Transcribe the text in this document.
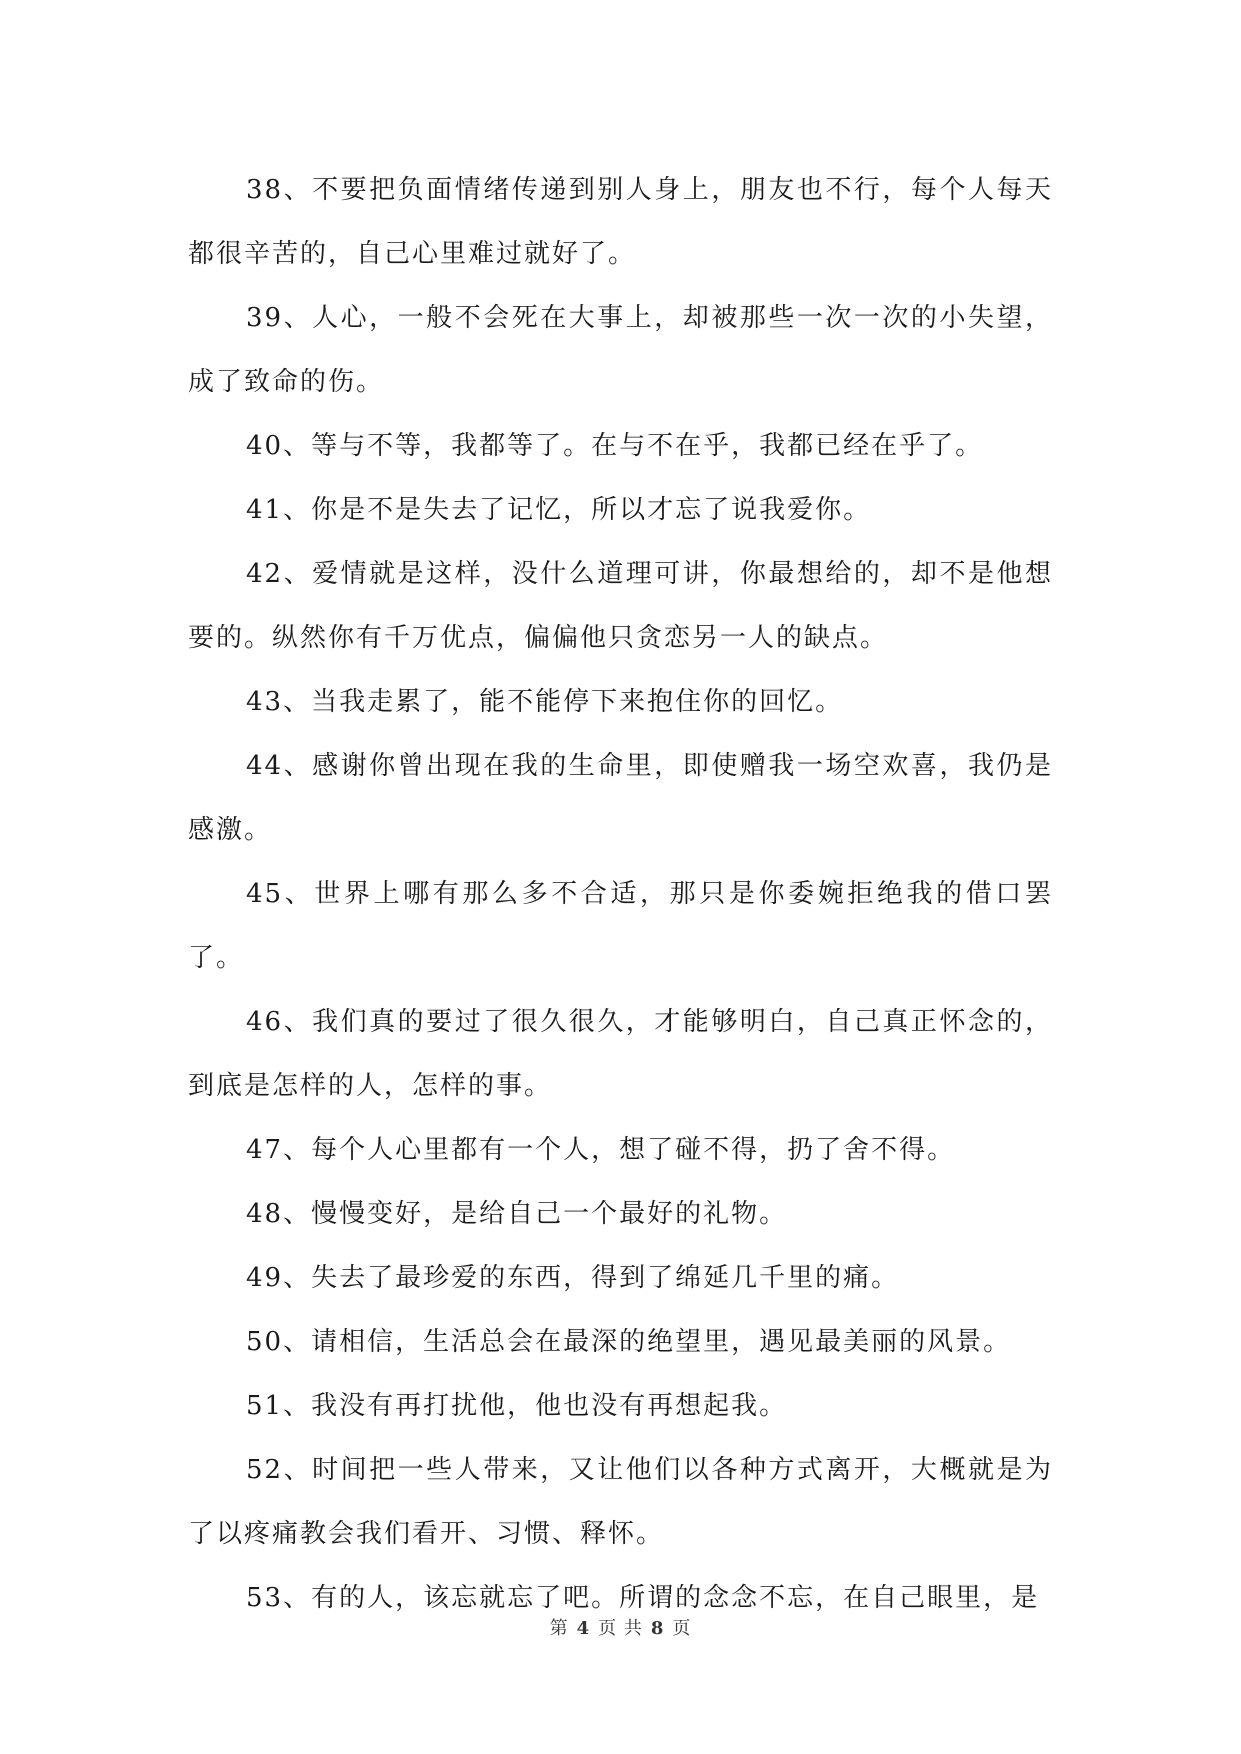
38、不要把负面情绪传递到别人身上，朋友也不行，每个人每天都很辛苦的，自己心里难过就好了。

39、人心，一般不会死在大事上，却被那些一次一次的小失望，成了致命的伤。

40、等与不等，我都等了。在与不在乎，我都已经在乎了。

41、你是不是失去了记忆，所以才忘了说我爱你。

42、爱情就是这样，没什么道理可讲，你最想给的，却不是他想要的。纵然你有千万优点，偏偏他只贪恋另一人的缺点。

43、当我走累了，能不能停下来抱住你的回忆。

44、感谢你曾出现在我的生命里，即使赠我一场空欢喜，我仍是感激。

45、世界上哪有那么多不合适，那只是你委婉拒绝我的借口罢了。

46、我们真的要过了很久很久，才能够明白，自己真正怀念的，到底是怎样的人，怎样的事。

47、每个人心里都有一个人，想了碰不得，扔了舍不得。

48、慢慢变好，是给自己一个最好的礼物。

49、失去了最珍爱的东西，得到了绵延几千里的痛。

50、请相信，生活总会在最深的绝望里，遇见最美丽的风景。

51、我没有再打扰他，他也没有再想起我。

52、时间把一些人带来，又让他们以各种方式离开，大概就是为了以疼痛教会我们看开、习惯、释怀。

53、有的人，该忘就忘了吧。所谓的念念不忘，在自己眼里，是

第 4 页 共 8 页
